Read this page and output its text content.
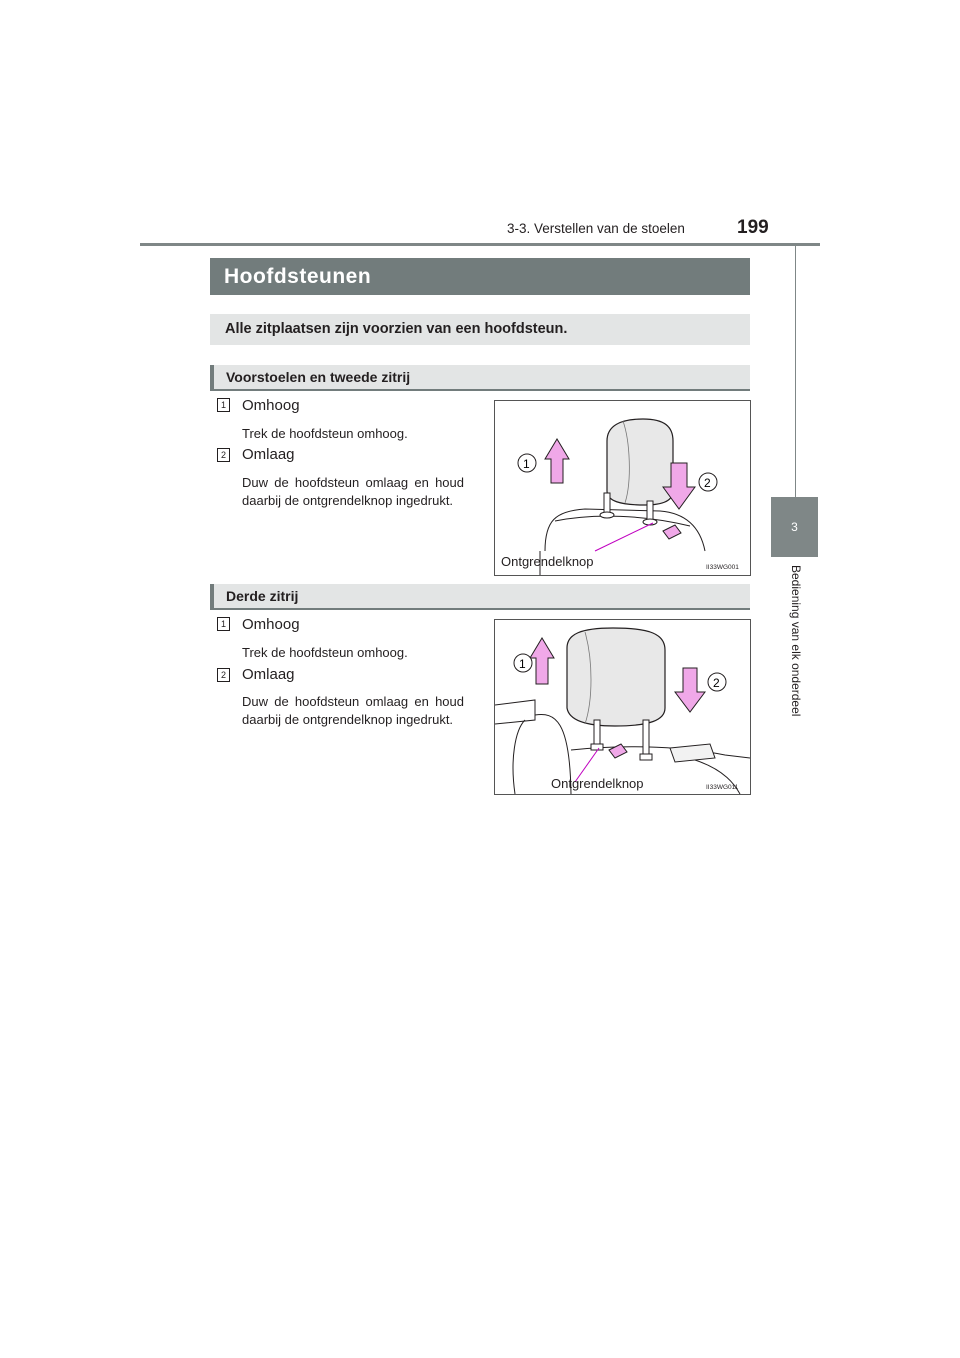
3-3. Verstellen van de stoelen	199
3
Bediening van elk onderdeel
Hoofdsteunen
Alle zitplaatsen zijn voorzien van een hoofdsteun.
Voorstoelen en tweede zitrij
1 Omhoog
Trek de hoofdsteun omhoog.
2 Omlaag
Duw de hoofdsteun omlaag en houd daarbij de ontgrendelknop ingedrukt.
1
2
Ontgrendelknop	II33WG001
Derde zitrij
1 Omhoog
Trek de hoofdsteun omhoog.
2 Omlaag
Duw de hoofdsteun omlaag en houd daarbij de ontgrendelknop ingedrukt.
1
2
Ontgrendelknop	II33WG011
